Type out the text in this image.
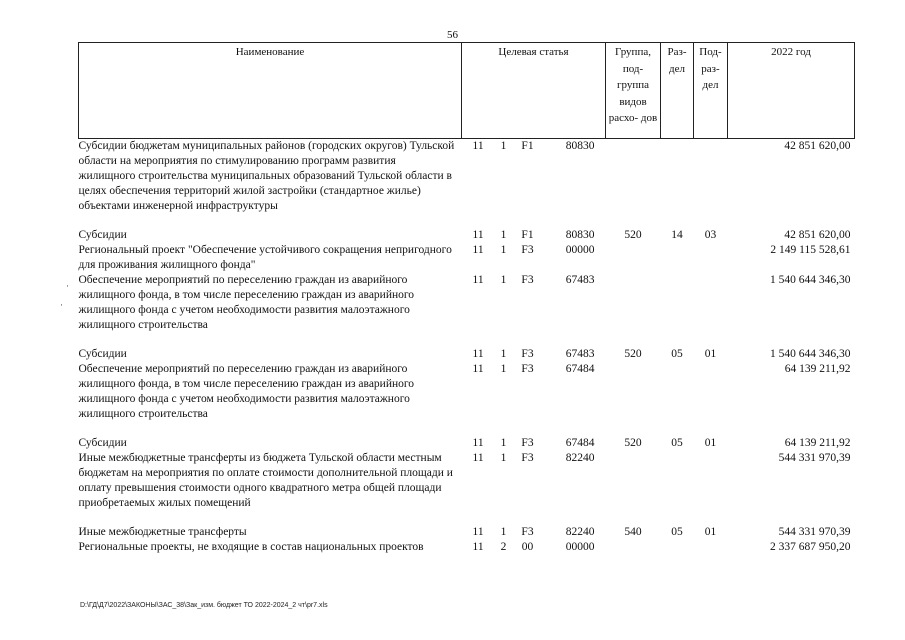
56
·
·
Наименование	Целевая статья	Группа, под- группа видов расхо- дов	Раз- дел	Под- раз- дел	2022 год
Субсидии бюджетам муниципальных районов (городских округов) Тульской области на мероприятия по стимулированию программ развития жилищного строительства муниципальных образований Тульской области в целях обеспечения территорий жилой застройки (стандартное жилье) объектами инженерной инфраструктуры	11 1 F1 80830				42 851 620,00

Субсидии	11 1 F1 80830	520	14	03	42 851 620,00
Региональный проект "Обеспечение устойчивого сокращения непригодного для проживания жилищного фонда"	11 1 F3 00000				2 149 115 528,61
Обеспечение мероприятий по переселению граждан из аварийного жилищного фонда, в том числе переселению граждан из аварийного жилищного фонда с учетом необходимости развития малоэтажного жилищного строительства	11 1 F3 67483				1 540 644 346,30

Субсидии	11 1 F3 67483	520	05	01	1 540 644 346,30
Обеспечение мероприятий по переселению граждан из аварийного жилищного фонда, в том числе переселению граждан из аварийного жилищного фонда с учетом необходимости развития малоэтажного жилищного строительства	11 1 F3 67484				64 139 211,92

Субсидии	11 1 F3 67484	520	05	01	64 139 211,92
Иные межбюджетные трансферты из бюджета Тульской области местным бюджетам на мероприятия по оплате стоимости дополнительной площади и оплату превышения стоимости одного квадратного метра общей площади приобретаемых жилых помещений	11 1 F3 82240				544 331 970,39

Иные межбюджетные трансферты	11 1 F3 82240	540	05	01	544 331 970,39
Региональные проекты, не входящие в состав национальных проектов	11 2 00 00000				2 337 687 950,20
D:\ГД\Д7\2022\ЗАКОНЫ\ЗАС_38\Зак_изм. бюджет ТО 2022-2024_2 чт\pr7.xls
